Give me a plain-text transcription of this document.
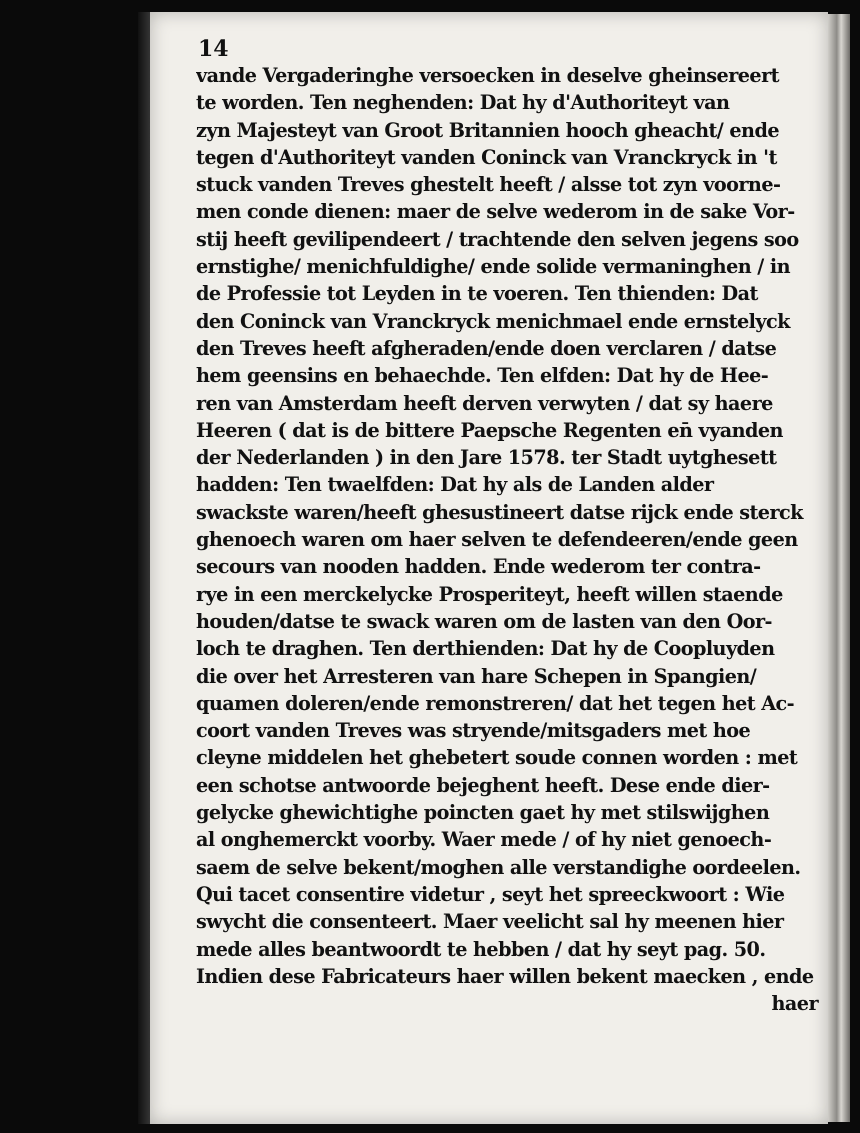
14

vande Vergaderinghe versoecken in deselve gheinsereert
te worden. Ten neghenden: Dat hy d'Authoriteyt van
zyn Majesteyt van Groot Britannien hooch gheacht/ ende
tegen d'Authoriteyt vanden Coninck van Vranckryck in 't
stuck vanden Treves ghestelt heeft / alsse tot zyn voorne-
men conde dienen: maer de selve wederom in de sake Vor-
stij heeft gevilipendeert / trachtende den selven jegens soo
ernstighe/ menichfuldighe/ ende solide vermaninghen / in
de Professie tot Leyden in te voeren. Ten thienden: Dat
den Coninck van Vranckryck menichmael ende ernstelyck
den Treves heeft afgheraden/ende doen verclaren / datse
hem geensins en behaechde. Ten elfden: Dat hy de Hee-
ren van Amsterdam heeft derven verwyten / dat sy haere
Heeren ( dat is de bittere Paepsche Regenten en̄ vyanden
der Nederlanden ) in den Jare 1578. ter Stadt uytghesett
hadden: Ten twaelfden: Dat hy als de Landen alder
swackste waren/heeft ghesustineert datse rijck ende sterck
ghenoech waren om haer selven te defendeeren/ende geen
secours van nooden hadden. Ende wederom ter contra-
rye in een merckelycke Prosperiteyt, heeft willen staende
houden/datse te swack waren om de lasten van den Oor-
loch te draghen. Ten derthienden: Dat hy de Coopluyden
die over het Arresteren van hare Schepen in Spangien/
quamen doleren/ende remonstreren/ dat het tegen het Ac-
coort vanden Treves was stryende/mitsgaders met hoe
cleyne middelen het ghebetert soude connen worden : met
een schotse antwoorde bejeghent heeft. Dese ende dier-
gelycke ghewichtighe poincten gaet hy met stilswijghen
al onghemerckt voorby. Waer mede / of hy niet genoech-
saem de selve bekent/moghen alle verstandighe oordeelen.
Qui tacet consentire videtur , seyt het spreeckwoort : Wie
swycht die consenteert. Maer veelicht sal hy meenen hier
mede alles beantwoordt te hebben / dat hy seyt pag. 50.
Indien dese Fabricateurs haer willen bekent maecken , ende
haer
